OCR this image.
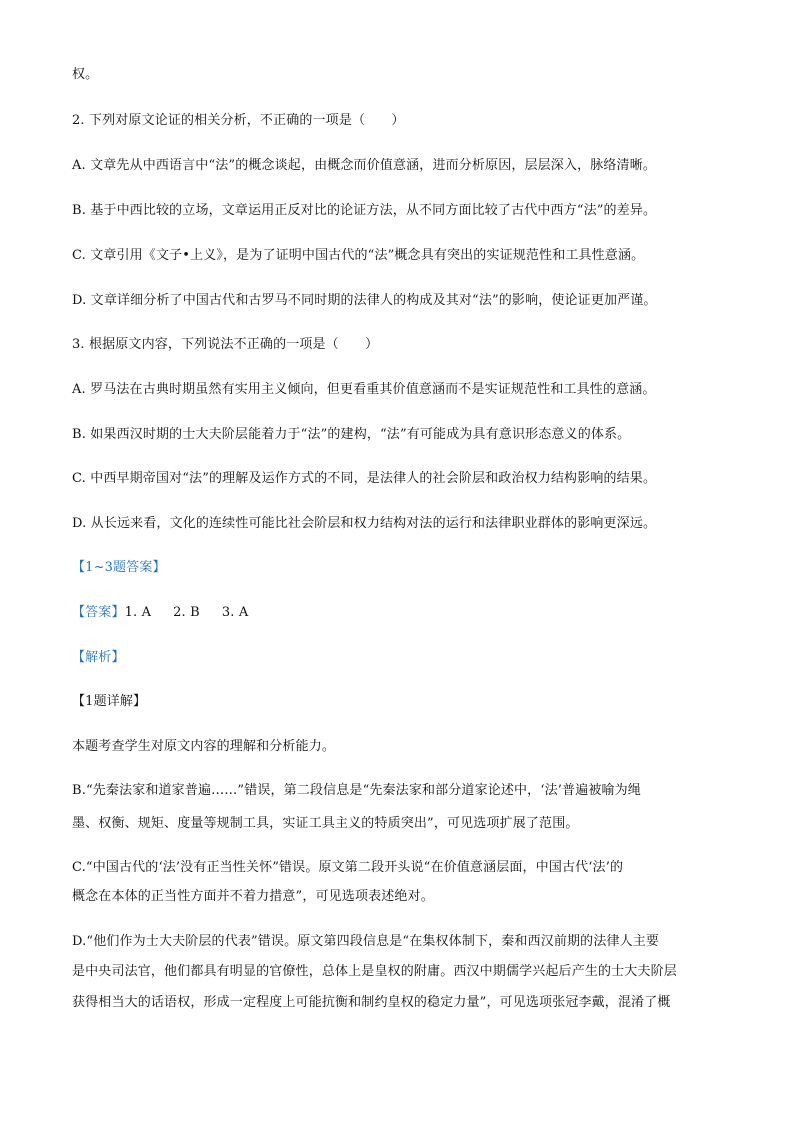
权。
2. 下列对原文论证的相关分析，不正确的一项是（　　）
A. 文章先从中西语言中“法”的概念谈起，由概念而价值意涵，进而分析原因，层层深入，脉络清晰。
B. 基于中西比较的立场，文章运用正反对比的论证方法，从不同方面比较了古代中西方“法”的差异。
C. 文章引用《文子•上义》，是为了证明中国古代的“法”概念具有突出的实证规范性和工具性意涵。
D. 文章详细分析了中国古代和古罗马不同时期的法律人的构成及其对“法”的影响，使论证更加严谨。
3. 根据原文内容，下列说法不正确的一项是（　　）
A. 罗马法在古典时期虽然有实用主义倾向，但更看重其价值意涵而不是实证规范性和工具性的意涵。
B. 如果西汉时期的士大夫阶层能着力于“法”的建构，“法”有可能成为具有意识形态意义的体系。
C. 中西早期帝国对“法”的理解及运作方式的不同，是法律人的社会阶层和政治权力结构影响的结果。
D. 从长远来看，文化的连续性可能比社会阶层和权力结构对法的运行和法律职业群体的影响更深远。
【1~3题答案】
【答案】1. A 2. B 3. A
【解析】
【1题详解】
本题考查学生对原文内容的理解和分析能力。
B.“先秦法家和道家普遍……”错误，第二段信息是“先秦法家和部分道家论述中，‘法’普遍被喻为绳
墨、权衡、规矩、度量等规制工具，实证工具主义的特质突出”，可见选项扩展了范围。
C.“中国古代的‘法’没有正当性关怀”错误。原文第二段开头说“在价值意涵层面，中国古代‘法’的
概念在本体的正当性方面并不着力措意”，可见选项表述绝对。
D.“他们作为士大夫阶层的代表”错误。原文第四段信息是“在集权体制下，秦和西汉前期的法律人主要
是中央司法官，他们都具有明显的官僚性，总体上是皇权的附庸。西汉中期儒学兴起后产生的士大夫阶层
获得相当大的话语权，形成一定程度上可能抗衡和制约皇权的稳定力量”，可见选项张冠李戴，混淆了概
